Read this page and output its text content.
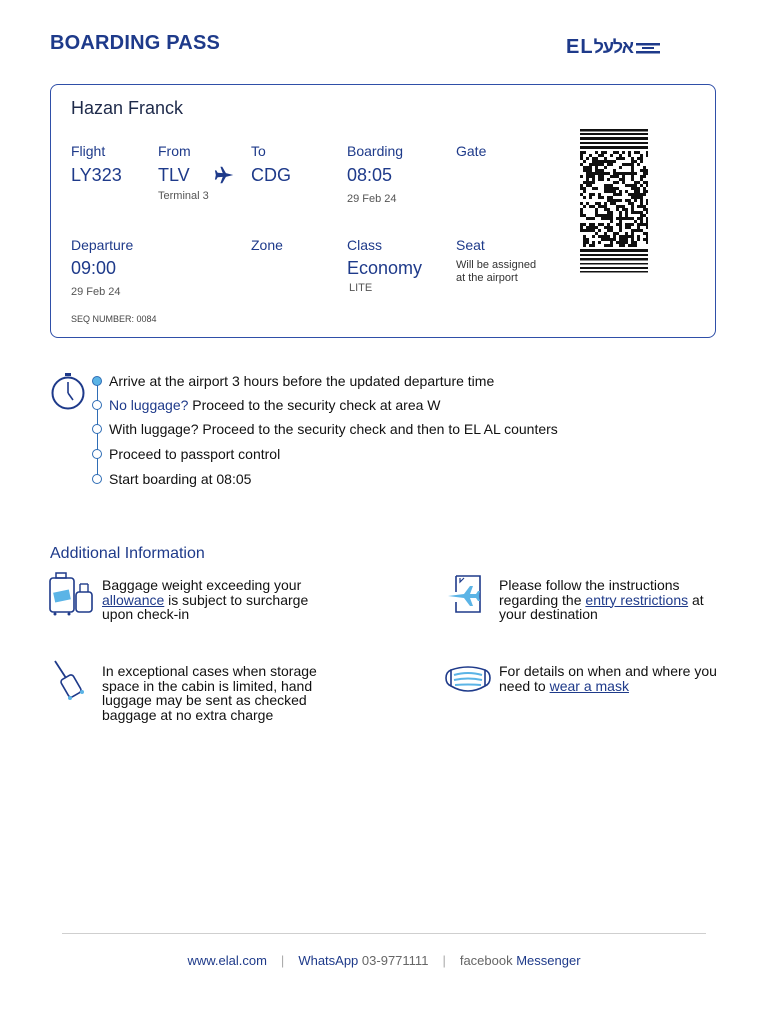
BOARDING PASS	ELאלעל
Hazan Franck
Flight
LY323
From
TLV
Terminal 3
To
CDG
Boarding
08:05
29 Feb 24
Gate
Departure
09:00
29 Feb 24
Zone	Class
Economy
LITE
Seat
Will be assigned at the airport
SEQ NUMBER: 0084
Arrive at the airport 3 hours before the updated departure time
No luggage? Proceed to the security check at area W
With luggage? Proceed to the security check and then to EL AL counters
Proceed to passport control
Start boarding at 08:05
Additional Information
Baggage weight exceeding your
allowance is subject to surcharge upon check-in
Please follow the instructions regarding the entry restrictions at your destination
In exceptional cases when storage space in the cabin is limited, hand luggage may be sent as checked baggage at no extra charge
For details on when and where you need to wear a mask
www.elal.com | WhatsApp 03-9771111 | facebook Messenger
